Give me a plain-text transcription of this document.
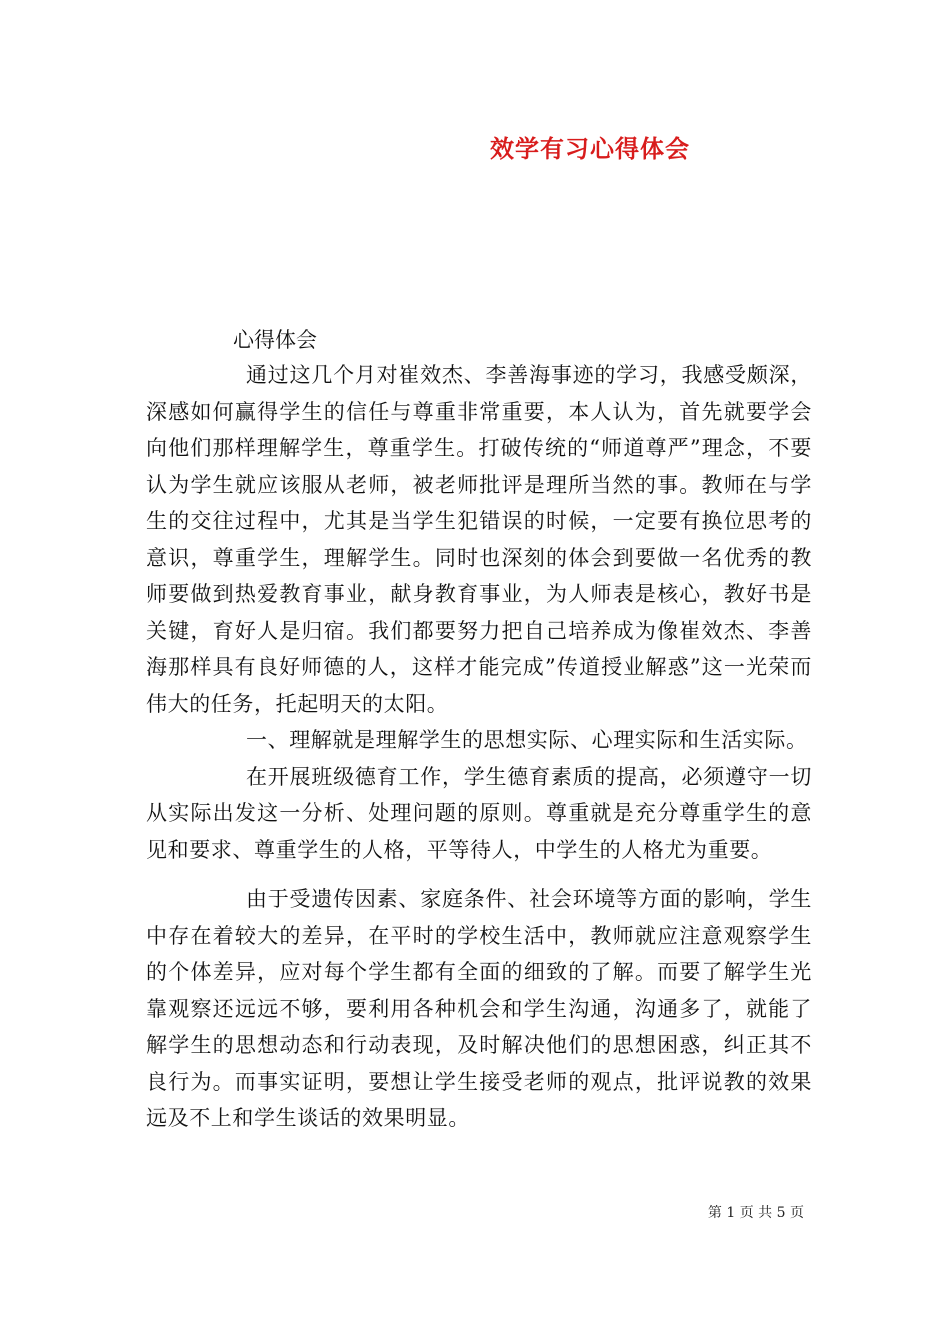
效学有习心得体会
心得体会

通过这几个月对崔效杰、李善海事迹的学习，我感受颇深，深感如何赢得学生的信任与尊重非常重要，本人认为，首先就要学会向他们那样理解学生，尊重学生。打破传统的“师道尊严”理念，不要认为学生就应该服从老师，被老师批评是理所当然的事。教师在与学生的交往过程中，尤其是当学生犯错误的时候，一定要有换位思考的意识，尊重学生，理解学生。同时也深刻的体会到要做一名优秀的教师要做到热爱教育事业，献身教育事业，为人师表是核心，教好书是关键，育好人是归宿。我们都要努力把自己培养成为像崔效杰、李善海那样具有良好师德的人，这样才能完成”传道授业解惑”这一光荣而伟大的任务，托起明天的太阳。

一、理解就是理解学生的思想实际、心理实际和生活实际。

在开展班级德育工作，学生德育素质的提高，必须遵守一切从实际出发这一分析、处理问题的原则。尊重就是充分尊重学生的意见和要求、尊重学生的人格，平等待人，中学生的人格尤为重要。

由于受遗传因素、家庭条件、社会环境等方面的影响，学生中存在着较大的差异，在平时的学校生活中，教师就应注意观察学生的个体差异，应对每个学生都有全面的细致的了解。而要了解学生光靠观察还远远不够，要利用各种机会和学生沟通，沟通多了，就能了解学生的思想动态和行动表现，及时解决他们的思想困惑，纠正其不良行为。而事实证明，要想让学生接受老师的观点，批评说教的效果远及不上和学生谈话的效果明显。

第 1 页 共 5 页
